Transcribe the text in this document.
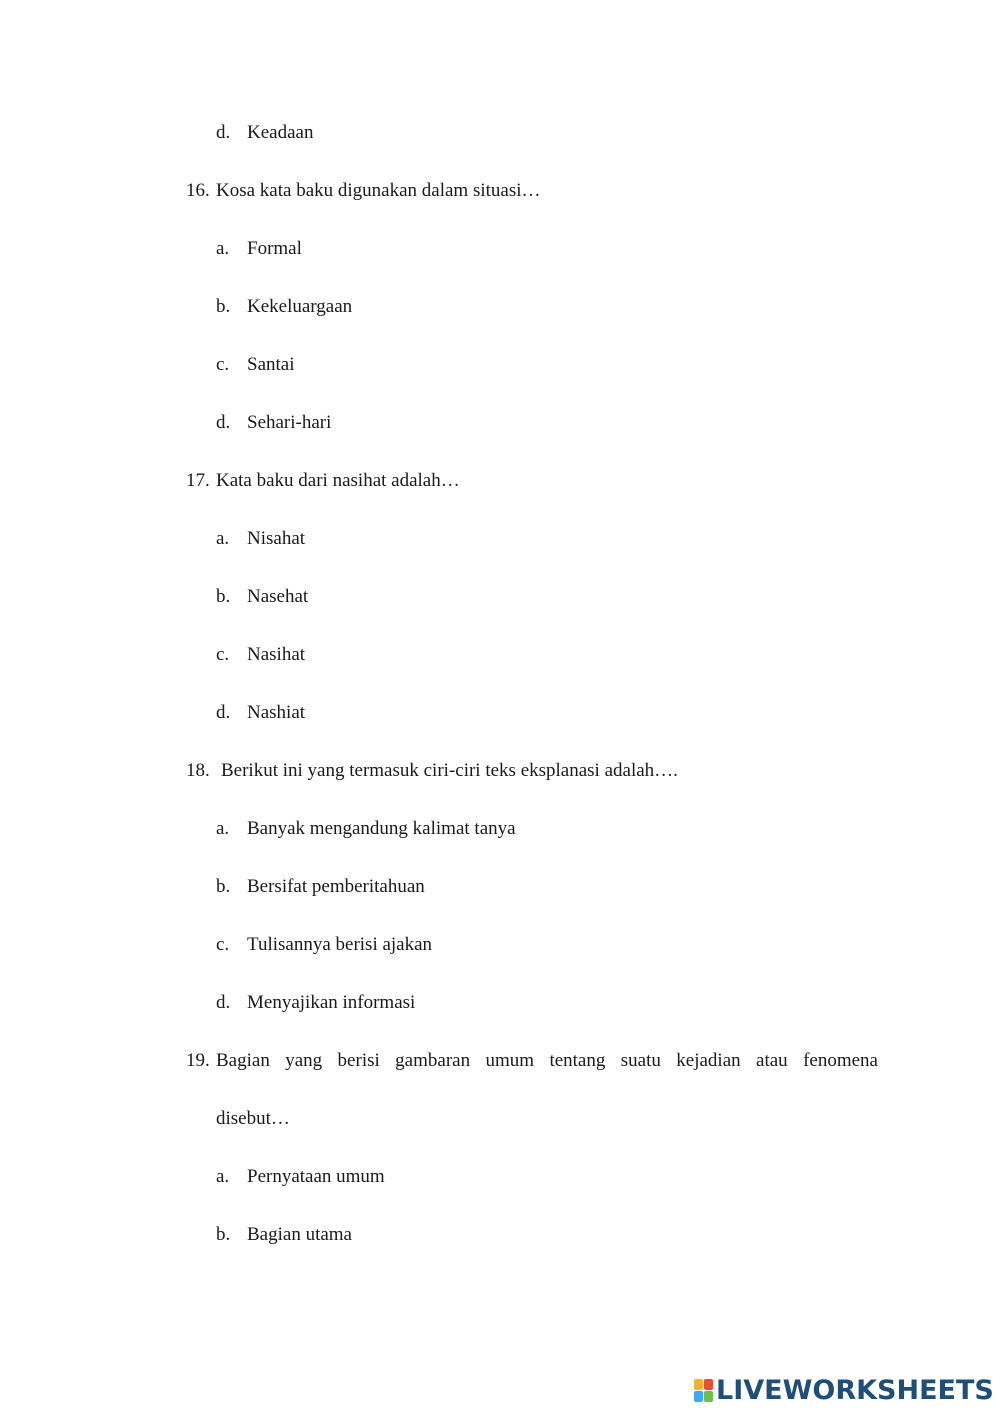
d. Keadaan
16. Kosa kata baku digunakan dalam situasi…
a. Formal
b. Kekeluargaan
c. Santai
d. Sehari-hari
17. Kata baku dari nasihat adalah…
a. Nisahat
b. Nasehat
c. Nasihat
d. Nashiat
18. Berikut ini yang termasuk ciri-ciri teks eksplanasi adalah….
a. Banyak mengandung kalimat tanya
b. Bersifat pemberitahuan
c. Tulisannya berisi ajakan
d. Menyajikan informasi
19. Bagian yang berisi gambaran umum tentang suatu kejadian atau fenomena
disebut…
a. Pernyataan umum
b. Bagian utama
LIVEWORKSHEETS
